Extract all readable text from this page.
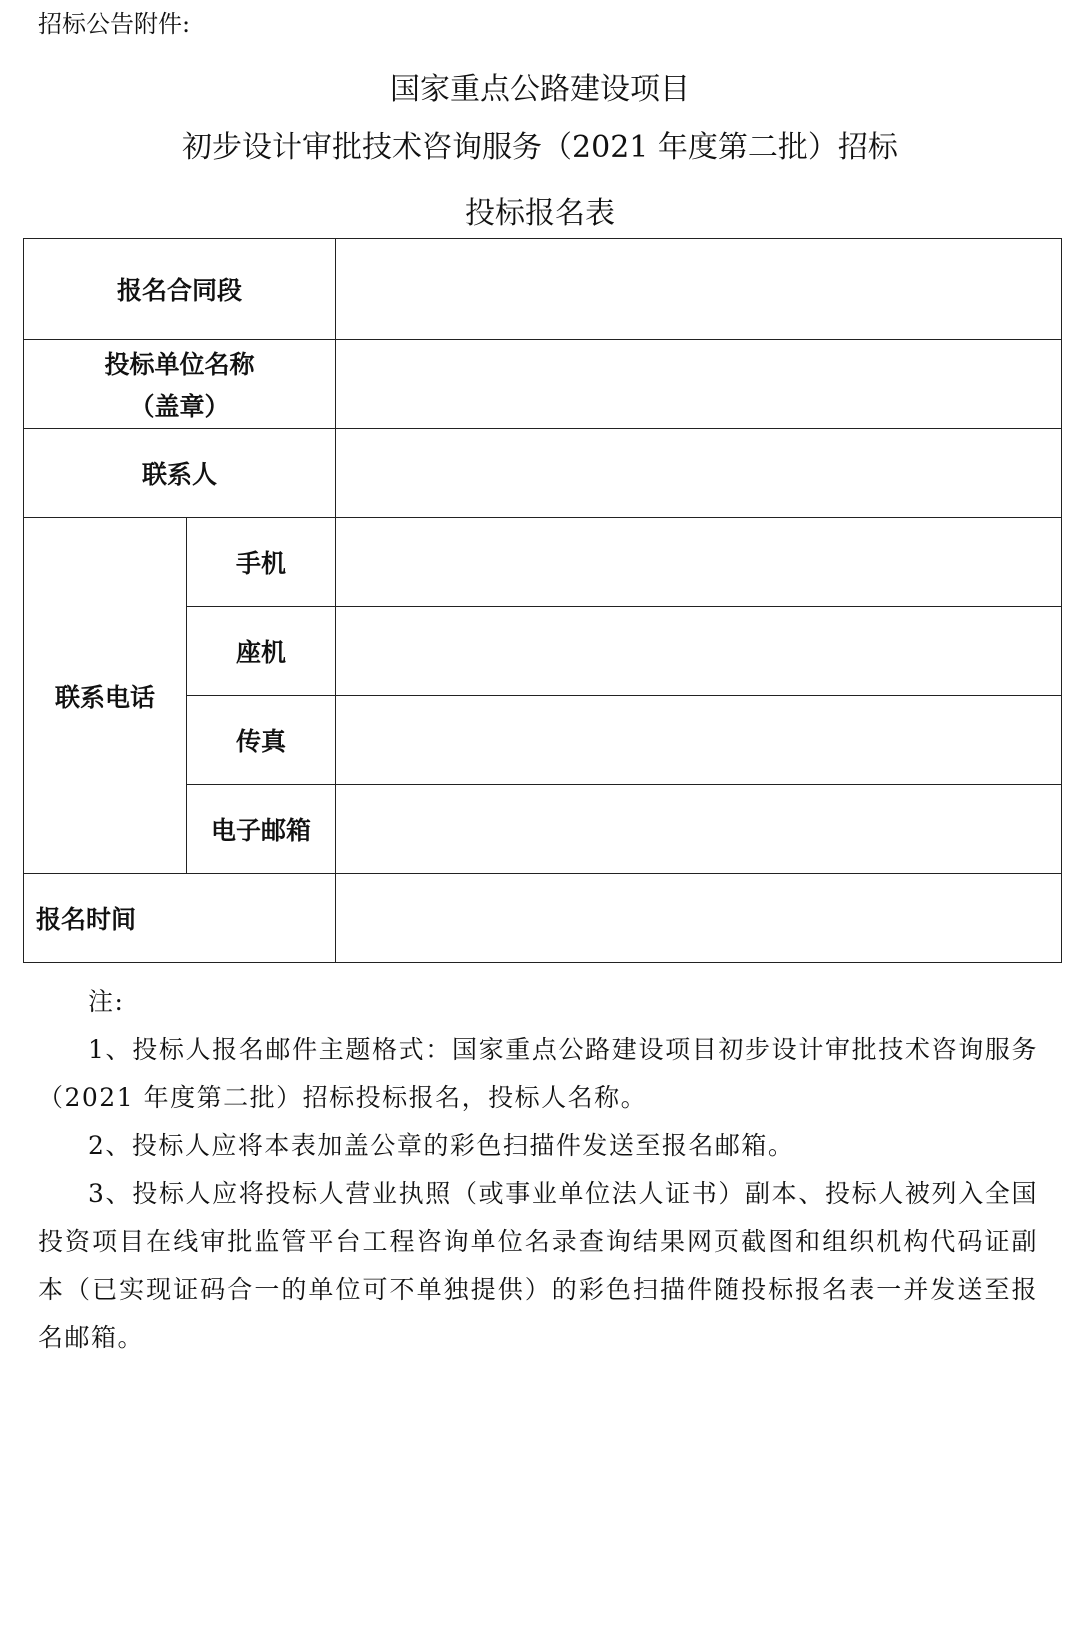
招标公告附件:
国家重点公路建设项目
初步设计审批技术咨询服务（2021 年度第二批）招标
投标报名表
报名合同段		

投标单位名称
（盖章）		

联系人		
联系电话	手机	
	座机	
	传真	
	电子邮箱	
报名时间		

注:

1、投标人报名邮件主题格式：国家重点公路建设项目初步设计审批技术咨询服务（2021 年度第二批）招标投标报名，投标人名称。

2、投标人应将本表加盖公章的彩色扫描件发送至报名邮箱。

3、投标人应将投标人营业执照（或事业单位法人证书）副本、投标人被列入全国投资项目在线审批监管平台工程咨询单位名录查询结果网页截图和组织机构代码证副本（已实现证码合一的单位可不单独提供）的彩色扫描件随投标报名表一并发送至报名邮箱。
